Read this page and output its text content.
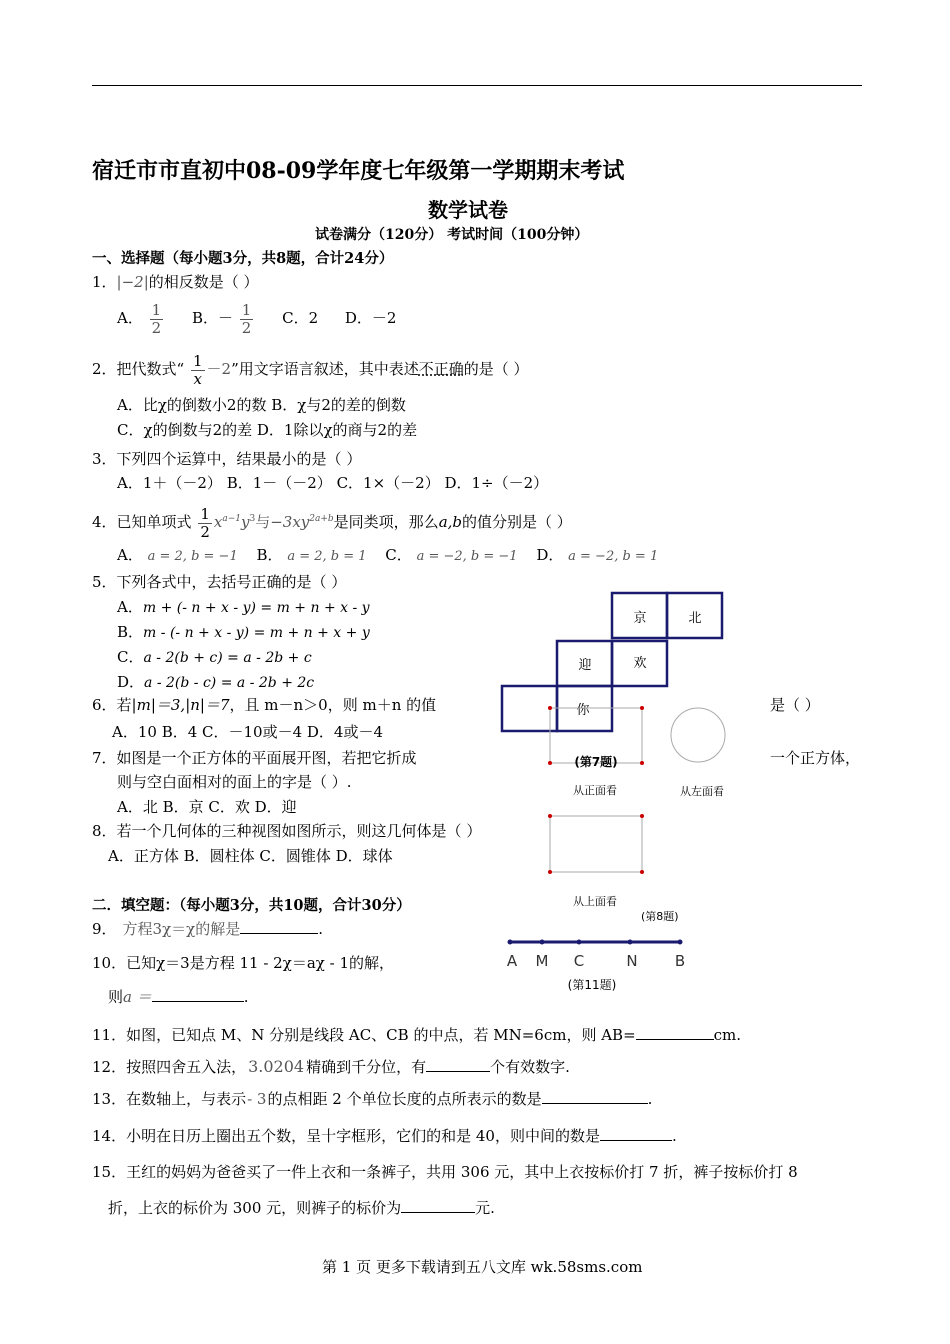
宿迁市市直初中08-09学年度七年级第一学期期末考试
数学试卷
试卷满分（120分） 考试时间（100分钟）
一、选择题（每小题3分，共8题，合计24分）
1．|−2|的相反数是（ ）
A． $\frac{1}{2}$ B．－ $\frac{1}{2}$ C．2 D．－2
2．把代数式“ $\frac{1}{x} -2$”用文字语言叙述，其中表述不正确的是（ ）
A．比χ的倒数小2的数 B．χ与2的差的倒数
C．χ的倒数与2的差 D．1除以χ的商与2的差
3．下列四个运算中，结果最小的是（ ）
A．1＋（－2） B．1－（－2） C．1×（－2） D．1÷（－2）
4．已知单项式 $\frac{1}{2} x^{a-1}y^3$与$-3xy^{2a+b}$是同类项，那么a,b的值分别是（ ）
A． a = 2, b = −1 B． a = 2, b = 1 C． a = −2, b = −1 D． a = −2, b = 1
5．下列各式中，去括号正确的是（ ）
A．m + (- n + x - y) = m + n + x - y
B．m - (- n + x - y) = m + n + x + y
C．a - 2(b + c) = a - 2b + c
D．a - 2(b - c) = a - 2b + 2c
6．若|m|＝3,|n|＝7，且 m－n＞0，则 m＋n 的值	是（ ）
A．10 B．4 C．－10或－4 D．4或－4
7．如图是一个正方体的平面展开图，若把它折成	一个正方体，
则与空白面相对的面上的字是（ ）.
A．北 B．京 C．欢 D．迎
8．若一个几何体的三种视图如图所示，则这几何体是（ ）
A．正方体 B．圆柱体 C．圆锥体 D．球体
二．填空题：（每小题3分，共10题，合计30分）
9． 方程3χ＝χ的解是	.
10．已知χ＝3是方程 11 - 2χ＝aχ - 1的解，
则a ＝	.
11．如图，已知点 M、N 分别是线段 AC、CB 的中点，若 MN=6cm，则 AB=	cm.
12．按照四舍五入法， 3.0204 精确到千分位，有	个有效数字.
13．在数轴上，与表示- 3的点相距 2 个单位长度的点所表示的数是	.
14．小明在日历上圈出五个数，呈十字框形，它们的和是 40，则中间的数是	.
15．王红的妈妈为爸爸买了一件上衣和一条裤子，共用 306 元，其中上衣按标价打 7 折，裤子按标价打 8
折，上衣的标价为 300 元，则裤子的标价为	元.
第 1 页 更多下载请到五八文库 wk.58sms.com
京	北
迎	欢
你
(第7题)
从正面看	从左面看
从上面看
(第8题)
A M C	N B
(第11题)
